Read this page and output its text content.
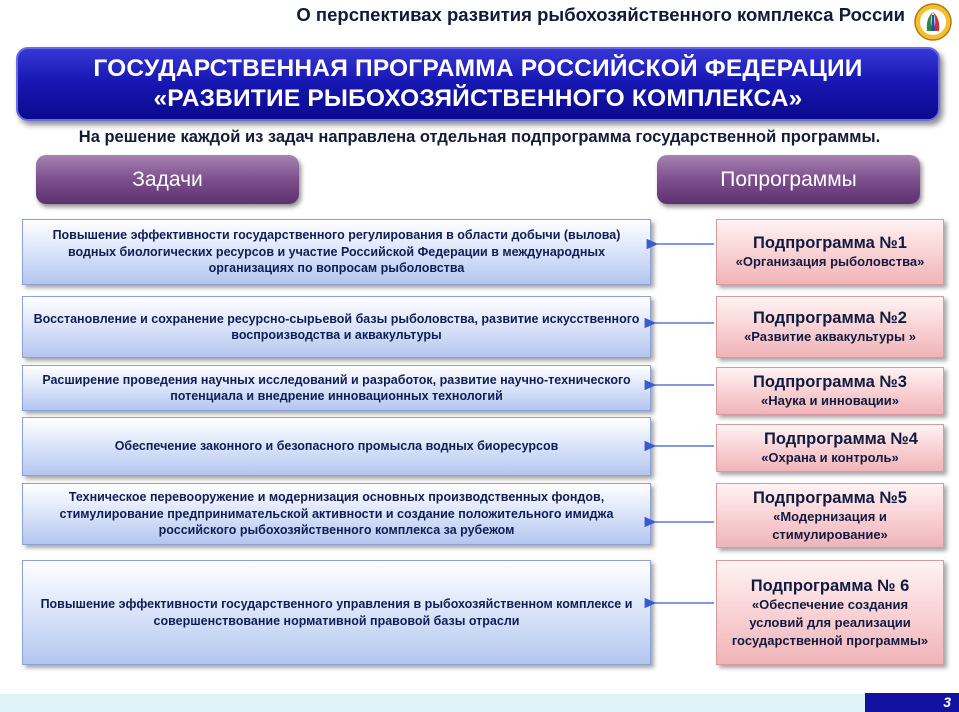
О перспективах развития рыбохозяйственного комплекса России
ГОСУДАРСТВЕННАЯ ПРОГРАММА РОССИЙСКОЙ ФЕДЕРАЦИИ
«РАЗВИТИЕ РЫБОХОЗЯЙСТВЕННОГО КОМПЛЕКСА»
На решение каждой из задач направлена отдельная подпрограмма государственной программы.
Задачи	Попрограммы
Повышение эффективности государственного регулирования в области добычи (вылова) водных биологических ресурсов и участие Российской Федерации в международных организациях по вопросам рыболовства
Восстановление и сохранение ресурсно-сырьевой базы рыболовства, развитие искусственного воспроизводства и аквакультуры
Расширение проведения научных исследований и разработок, развитие научно-технического потенциала и внедрение инновационных технологий
Обеспечение законного и безопасного промысла водных биоресурсов
Техническое перевооружение и модернизация основных производственных фондов, стимулирование предпринимательской активности и создание положительного имиджа российского рыбохозяйственного комплекса за рубежом
Повышение эффективности государственного управления в рыбохозяйственном комплексе и совершенствование нормативной правовой базы отрасли
Подпрограмма №1
«Организация рыболовства»
Подпрограмма №2
«Развитие аквакультуры »
Подпрограмма №3
«Наука и инновации»
Подпрограмма №4
«Охрана и контроль»
Подпрограмма №5
«Модернизация и стимулирование»
Подпрограмма № 6
«Обеспечение создания условий для реализации государственной программы»
3
